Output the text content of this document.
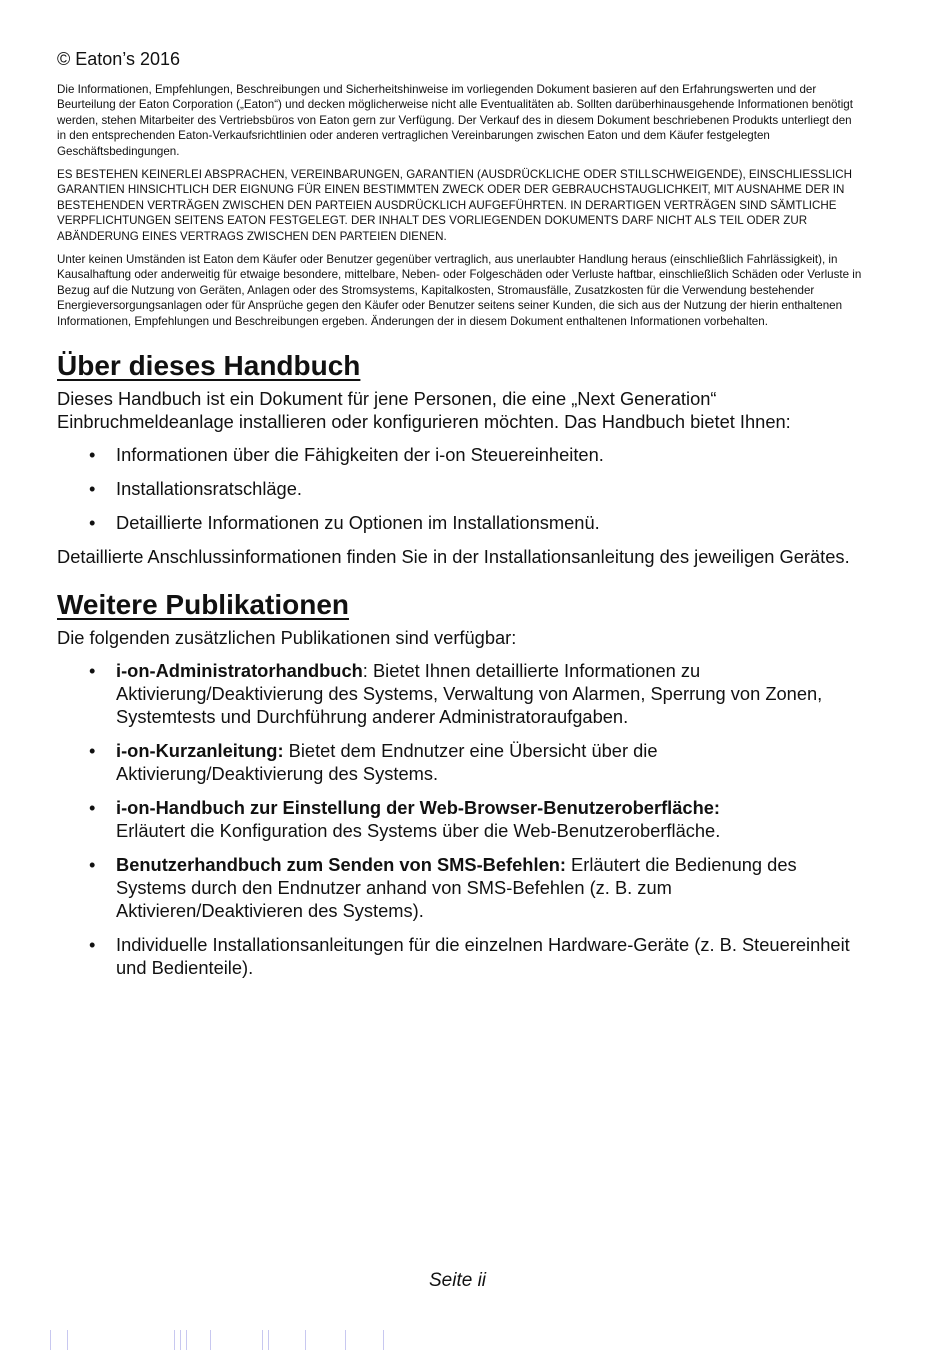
© Eaton’s 2016

Die Informationen, Empfehlungen, Beschreibungen und Sicherheitshinweise im vorliegenden Dokument basieren auf den Erfahrungswerten und der Beurteilung der Eaton Corporation („Eaton“) und decken möglicherweise nicht alle Eventualitäten ab. Sollten darüberhinausgehende Informationen benötigt werden, stehen Mitarbeiter des Vertriebsbüros von Eaton gern zur Verfügung. Der Verkauf des in diesem Dokument beschriebenen Produkts unterliegt den in den entsprechenden Eaton-Verkaufsrichtlinien oder anderen vertraglichen Vereinbarungen zwischen Eaton und dem Käufer festgelegten Geschäftsbedingungen.

ES BESTEHEN KEINERLEI ABSPRACHEN, VEREINBARUNGEN, GARANTIEN (AUSDRÜCKLICHE ODER STILLSCHWEIGENDE), EINSCHLIESSLICH GARANTIEN HINSICHTLICH DER EIGNUNG FÜR EINEN BESTIMMTEN ZWECK ODER DER GEBRAUCHSTAUGLICHKEIT, MIT AUSNAHME DER IN BESTEHENDEN VERTRÄGEN ZWISCHEN DEN PARTEIEN AUSDRÜCKLICH AUFGEFÜHRTEN. IN DERARTIGEN VERTRÄGEN SIND SÄMTLICHE VERPFLICHTUNGEN SEITENS EATON FESTGELEGT. DER INHALT DES VORLIEGENDEN DOKUMENTS DARF NICHT ALS TEIL ODER ZUR ABÄNDERUNG EINES VERTRAGS ZWISCHEN DEN PARTEIEN DIENEN.

Unter keinen Umständen ist Eaton dem Käufer oder Benutzer gegenüber vertraglich, aus unerlaubter Handlung heraus (einschließlich Fahrlässigkeit), in Kausalhaftung oder anderweitig für etwaige besondere, mittelbare, Neben- oder Folgeschäden oder Verluste haftbar, einschließlich Schäden oder Verluste in Bezug auf die Nutzung von Geräten, Anlagen oder des Stromsystems, Kapitalkosten, Stromausfälle, Zusatzkosten für die Verwendung bestehender Energieversorgungsanlagen oder für Ansprüche gegen den Käufer oder Benutzer seitens seiner Kunden, die sich aus der Nutzung der hierin enthaltenen Informationen, Empfehlungen und Beschreibungen ergeben. Änderungen der in diesem Dokument enthaltenen Informationen vorbehalten.

Über dieses Handbuch

Dieses Handbuch ist ein Dokument für jene Personen, die eine „Next Generation“ Einbruchmeldeanlage installieren oder konfigurieren möchten. Das Handbuch bietet Ihnen:

• Informationen über die Fähigkeiten der i-on Steuereinheiten.
• Installationsratschläge.
• Detaillierte Informationen zu Optionen im Installationsmenü.

Detaillierte Anschlussinformationen finden Sie in der Installationsanleitung des jeweiligen Gerätes.

Weitere Publikationen

Die folgenden zusätzlichen Publikationen sind verfügbar:

• i-on-Administratorhandbuch: Bietet Ihnen detaillierte Informationen zu Aktivierung/Deaktivierung des Systems, Verwaltung von Alarmen, Sperrung von Zonen, Systemtests und Durchführung anderer Administratoraufgaben.
• i-on-Kurzanleitung: Bietet dem Endnutzer eine Übersicht über die Aktivierung/Deaktivierung des Systems.
• i-on-Handbuch zur Einstellung der Web-Browser-Benutzeroberfläche:
Erläutert die Konfiguration des Systems über die Web-Benutzeroberfläche.
• Benutzerhandbuch zum Senden von SMS-Befehlen: Erläutert die Bedienung des Systems durch den Endnutzer anhand von SMS-Befehlen (z. B. zum Aktivieren/Deaktivieren des Systems).
• Individuelle Installationsanleitungen für die einzelnen Hardware-Geräte (z. B. Steuereinheit und Bedienteile).
Seite ii
